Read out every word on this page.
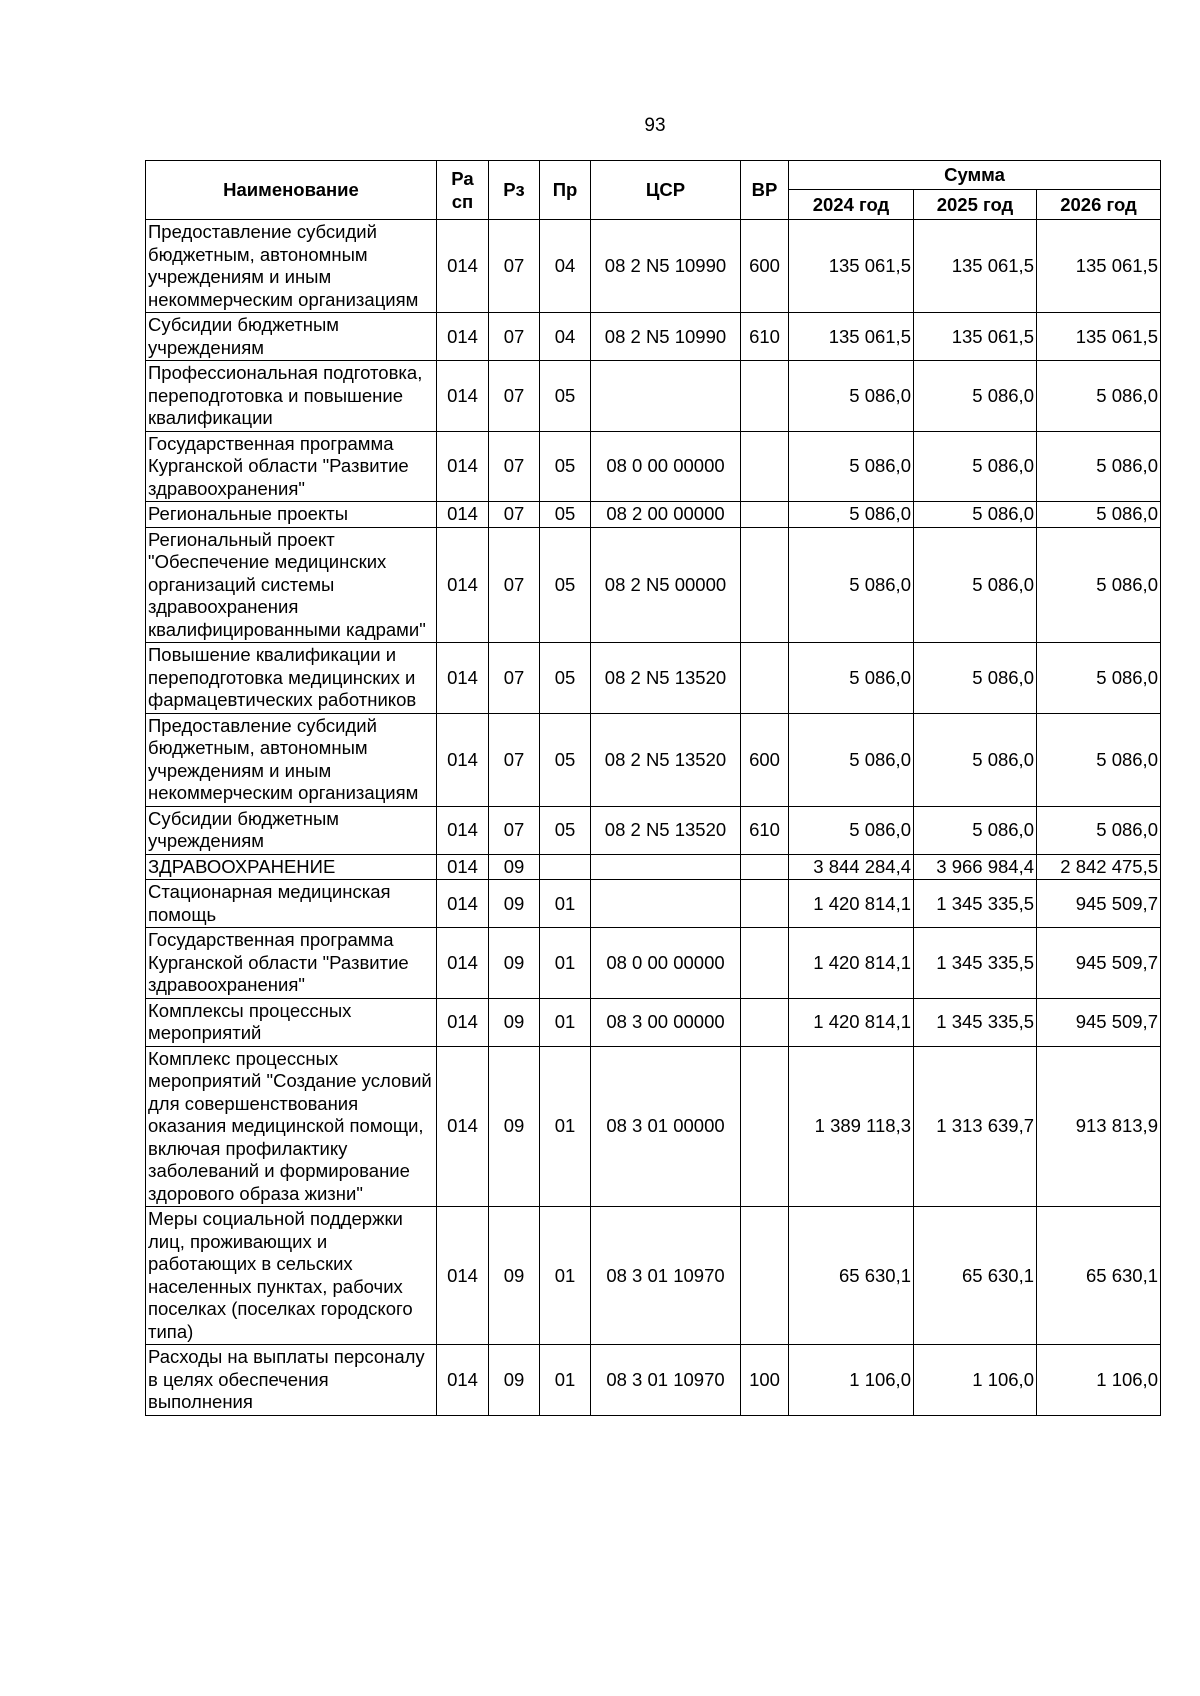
93
Наименование	Ра сп	Рз	Пр	ЦСР	ВР	Сумма		
						2024 год	2025 год	2026 год
Предоставление субсидий бюджетным, автономным учреждениям и иным некоммерческим организациям	014	07	04	08 2 N5 10990	600	135 061,5	135 061,5	135 061,5
Субсидии бюджетным учреждениям	014	07	04	08 2 N5 10990	610	135 061,5	135 061,5	135 061,5
Профессиональная подготовка, переподготовка и повышение квалификации	014	07	05			5 086,0	5 086,0	5 086,0
Государственная программа Курганской области "Развитие здравоохранения"	014	07	05	08 0 00 00000		5 086,0	5 086,0	5 086,0
Региональные проекты	014	07	05	08 2 00 00000		5 086,0	5 086,0	5 086,0
Региональный проект "Обеспечение медицинских организаций системы здравоохранения квалифицированными кадрами"	014	07	05	08 2 N5 00000		5 086,0	5 086,0	5 086,0
Повышение квалификации и переподготовка медицинских и фармацевтических работников	014	07	05	08 2 N5 13520		5 086,0	5 086,0	5 086,0
Предоставление субсидий бюджетным, автономным учреждениям и иным некоммерческим организациям	014	07	05	08 2 N5 13520	600	5 086,0	5 086,0	5 086,0
Субсидии бюджетным учреждениям	014	07	05	08 2 N5 13520	610	5 086,0	5 086,0	5 086,0
ЗДРАВООХРАНЕНИЕ	014	09				3 844 284,4	3 966 984,4	2 842 475,5
Стационарная медицинская помощь	014	09	01			1 420 814,1	1 345 335,5	945 509,7
Государственная программа Курганской области "Развитие здравоохранения"	014	09	01	08 0 00 00000		1 420 814,1	1 345 335,5	945 509,7
Комплексы процессных мероприятий	014	09	01	08 3 00 00000		1 420 814,1	1 345 335,5	945 509,7
Комплекс процессных мероприятий "Создание условий для совершенствования оказания медицинской помощи, включая профилактику заболеваний и формирование здорового образа жизни"	014	09	01	08 3 01 00000		1 389 118,3	1 313 639,7	913 813,9
Меры социальной поддержки лиц, проживающих и работающих в сельских населенных пунктах, рабочих поселках (поселках городского типа)	014	09	01	08 3 01 10970		65 630,1	65 630,1	65 630,1
Расходы на выплаты персоналу в целях обеспечения выполнения	014	09	01	08 3 01 10970	100	1 106,0	1 106,0	1 106,0
